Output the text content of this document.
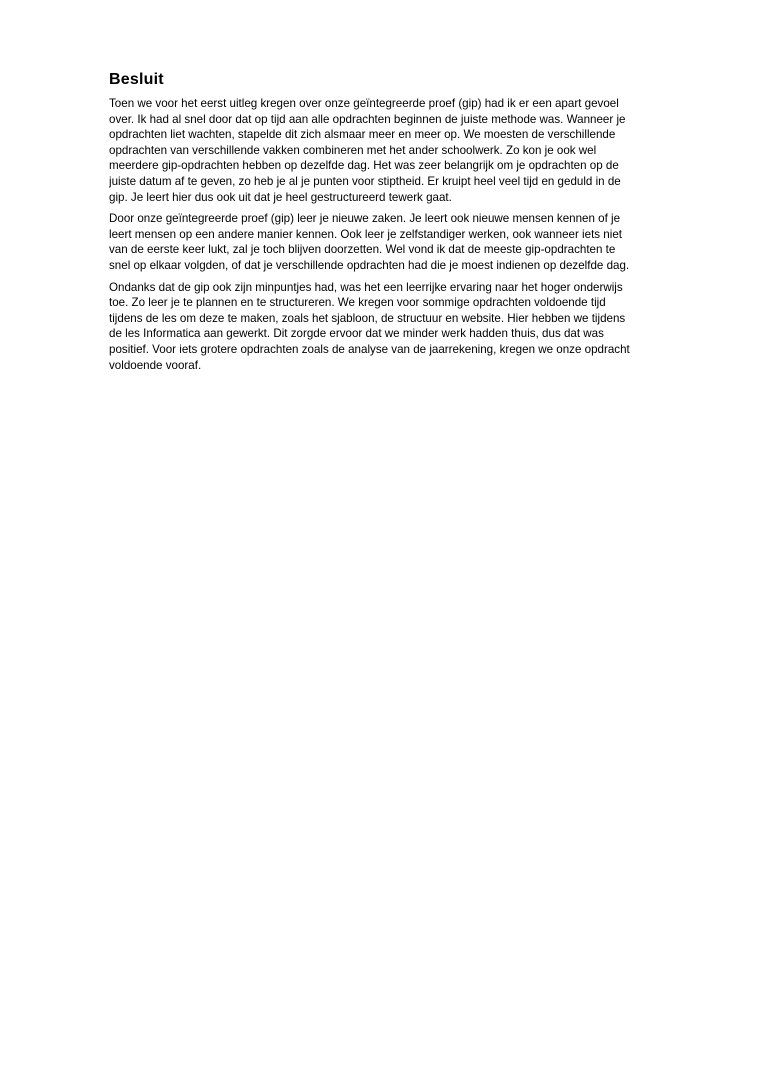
Besluit
Toen we voor het eerst uitleg kregen over onze geïntegreerde proef (gip) had ik er een apart gevoel
over. Ik had al snel door dat op tijd aan alle opdrachten beginnen de juiste methode was. Wanneer je
opdrachten liet wachten, stapelde dit zich alsmaar meer en meer op. We moesten de verschillende
opdrachten van verschillende vakken combineren met het ander schoolwerk. Zo kon je ook wel
meerdere gip-opdrachten hebben op dezelfde dag. Het was zeer belangrijk om je opdrachten op de
juiste datum af te geven, zo heb je al je punten voor stiptheid. Er kruipt heel veel tijd en geduld in de
gip. Je leert hier dus ook uit dat je heel gestructureerd tewerk gaat.
Door onze geïntegreerde proef (gip) leer je nieuwe zaken. Je leert ook nieuwe mensen kennen of je
leert mensen op een andere manier kennen. Ook leer je zelfstandiger werken, ook wanneer iets niet
van de eerste keer lukt, zal je toch blijven doorzetten. Wel vond ik dat de meeste gip-opdrachten te
snel op elkaar volgden, of dat je verschillende opdrachten had die je moest indienen op dezelfde dag.
Ondanks dat de gip ook zijn minpuntjes had, was het een leerrijke ervaring naar het hoger onderwijs
toe. Zo leer je te plannen en te structureren. We kregen voor sommige opdrachten voldoende tijd
tijdens de les om deze te maken, zoals het sjabloon, de structuur en website. Hier hebben we tijdens
de les Informatica aan gewerkt. Dit zorgde ervoor dat we minder werk hadden thuis, dus dat was
positief. Voor iets grotere opdrachten zoals de analyse van de jaarrekening, kregen we onze opdracht
voldoende vooraf.
